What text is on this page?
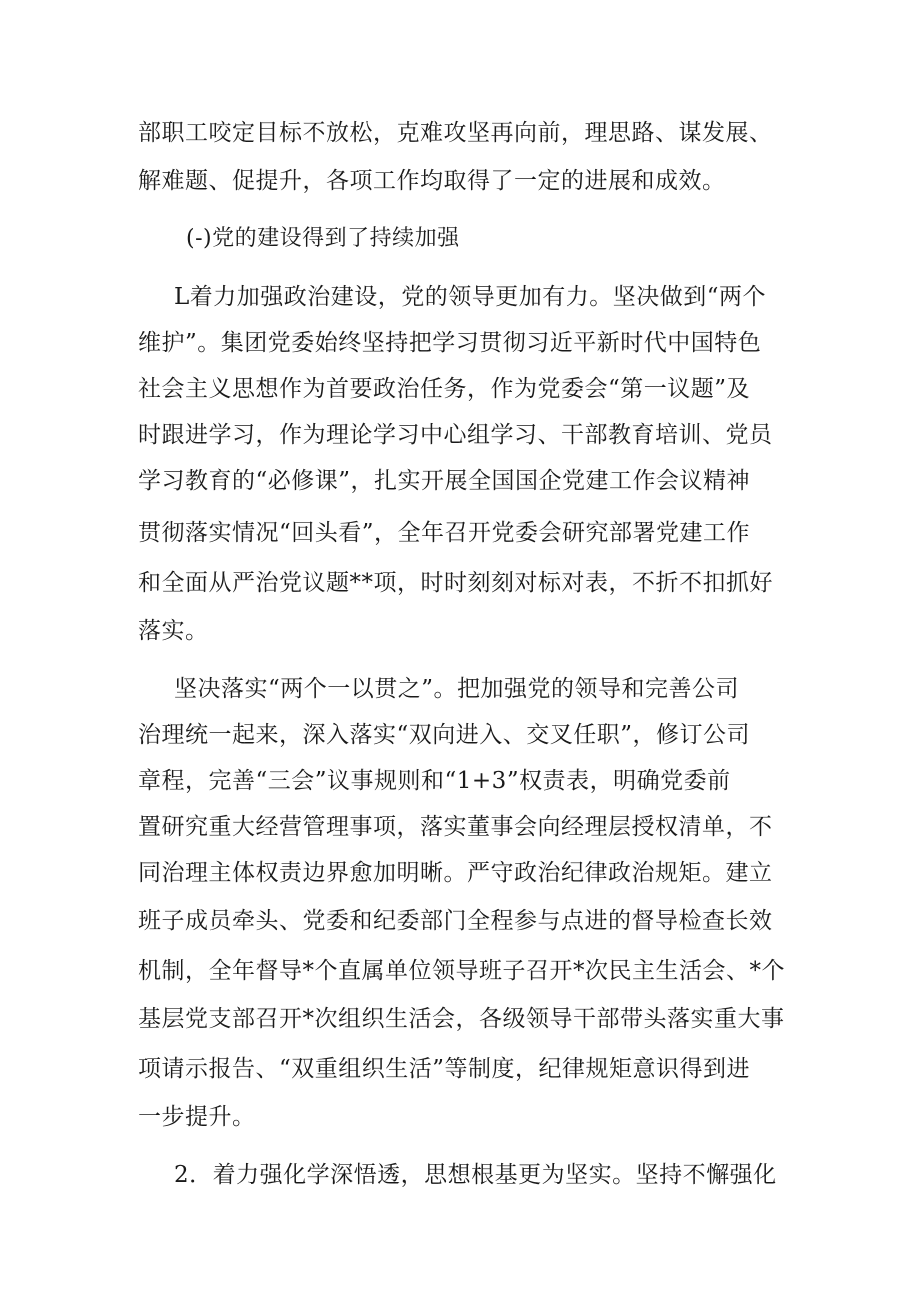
部职工咬定目标不放松，克难攻坚再向前，理思路、谋发展、
解难题、促提升，各项工作均取得了一定的进展和成效。
(-)党的建设得到了持续加强
L着力加强政治建设，党的领导更加有力。坚决做到“两个
维护”。集团党委始终坚持把学习贯彻习近平新时代中国特色
社会主义思想作为首要政治任务，作为党委会“第一议题”及
时跟进学习，作为理论学习中心组学习、干部教育培训、党员
学习教育的“必修课”，扎实开展全国国企党建工作会议精神
贯彻落实情况“回头看”，全年召开党委会研究部署党建工作
和全面从严治党议题**项，时时刻刻对标对表，不折不扣抓好
落实。
坚决落实“两个一以贯之”。把加强党的领导和完善公司
治理统一起来，深入落实“双向进入、交叉任职”，修订公司
章程，完善“三会”议事规则和“1+3”权责表，明确党委前
置研究重大经营管理事项，落实董事会向经理层授权清单，不
同治理主体权责边界愈加明晰。严守政治纪律政治规矩。建立
班子成员牵头、党委和纪委部门全程参与点进的督导检查长效
机制，全年督导*个直属单位领导班子召开*次民主生活会、*个
基层党支部召开*次组织生活会，各级领导干部带头落实重大事
项请示报告、“双重组织生活”等制度，纪律规矩意识得到进
一步提升。
2．着力强化学深悟透，思想根基更为坚实。坚持不懈强化
